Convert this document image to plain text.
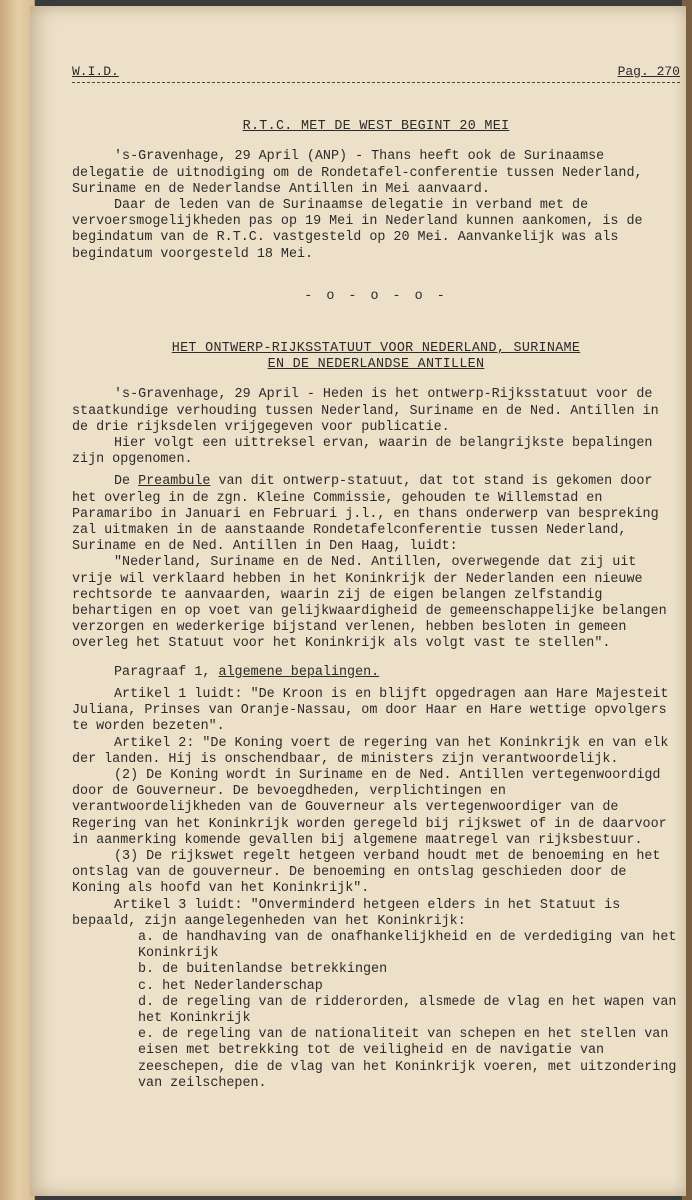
W.I.D.	Pag. 270
R.T.C. MET DE WEST BEGINT 20 MEI

's-Gravenhage, 29 April (ANP) - Thans heeft ook de Surinaamse delegatie de uitnodiging om de Rondetafel-conferentie tussen Nederland, Suriname en de Nederlandse Antillen in Mei aanvaard.

Daar de leden van de Surinaamse delegatie in verband met de vervoersmogelijkheden pas op 19 Mei in Nederland kunnen aankomen, is de begindatum van de R.T.C. vastgesteld op 20 Mei. Aanvankelijk was als begindatum voorgesteld 18 Mei.

- o - o - o -
HET ONTWERP-RIJKSSTATUUT VOOR NEDERLAND, SURINAME
EN DE NEDERLANDSE ANTILLEN

's-Gravenhage, 29 April - Heden is het ontwerp-Rijksstatuut voor de staatkundige verhouding tussen Nederland, Suriname en de Ned. Antillen in de drie rijksdelen vrijgegeven voor publicatie.

Hier volgt een uittreksel ervan, waarin de belangrijkste bepalingen zijn opgenomen.

De Preambule van dit ontwerp-statuut, dat tot stand is gekomen door het overleg in de zgn. Kleine Commissie, gehouden te Willemstad en Paramaribo in Januari en Februari j.l., en thans onderwerp van bespreking zal uitmaken in de aanstaande Rondetafelconferentie tussen Nederland, Suriname en de Ned. Antillen in Den Haag, luidt:

"Nederland, Suriname en de Ned. Antillen, overwegende dat zij uit vrije wil verklaard hebben in het Koninkrijk der Nederlanden een nieuwe rechtsorde te aanvaarden, waarin zij de eigen belangen zelfstandig behartigen en op voet van gelijkwaardigheid de gemeenschappelijke belangen verzorgen en wederkerige bijstand verlenen, hebben besloten in gemeen overleg het Statuut voor het Koninkrijk als volgt vast te stellen".

Paragraaf 1, algemene bepalingen.

Artikel 1 luidt: "De Kroon is en blijft opgedragen aan Hare Majesteit Juliana, Prinses van Oranje-Nassau, om door Haar en Hare wettige opvolgers te worden bezeten".

Artikel 2: "De Koning voert de regering van het Koninkrijk en van elk der landen. Hij is onschendbaar, de ministers zijn verantwoordelijk.

(2) De Koning wordt in Suriname en de Ned. Antillen vertegenwoordigd door de Gouverneur. De bevoegdheden, verplichtingen en verantwoordelijkheden van de Gouverneur als vertegenwoordiger van de Regering van het Koninkrijk worden geregeld bij rijkswet of in de daarvoor in aanmerking komende gevallen bij algemene maatregel van rijksbestuur.

(3) De rijkswet regelt hetgeen verband houdt met de benoeming en het ontslag van de gouverneur. De benoeming en ontslag geschieden door de Koning als hoofd van het Koninkrijk".

Artikel 3 luidt: "Onverminderd hetgeen elders in het Statuut is bepaald, zijn aangelegenheden van het Koninkrijk:

a. de handhaving van de onafhankelijkheid en de verdediging van het Koninkrijk

b. de buitenlandse betrekkingen

c. het Nederlanderschap

d. de regeling van de ridderorden, alsmede de vlag en het wapen van het Koninkrijk

e. de regeling van de nationaliteit van schepen en het stellen van eisen met betrekking tot de veiligheid en de navigatie van zeeschepen, die de vlag van het Koninkrijk voeren, met uitzondering van zeilschepen.
